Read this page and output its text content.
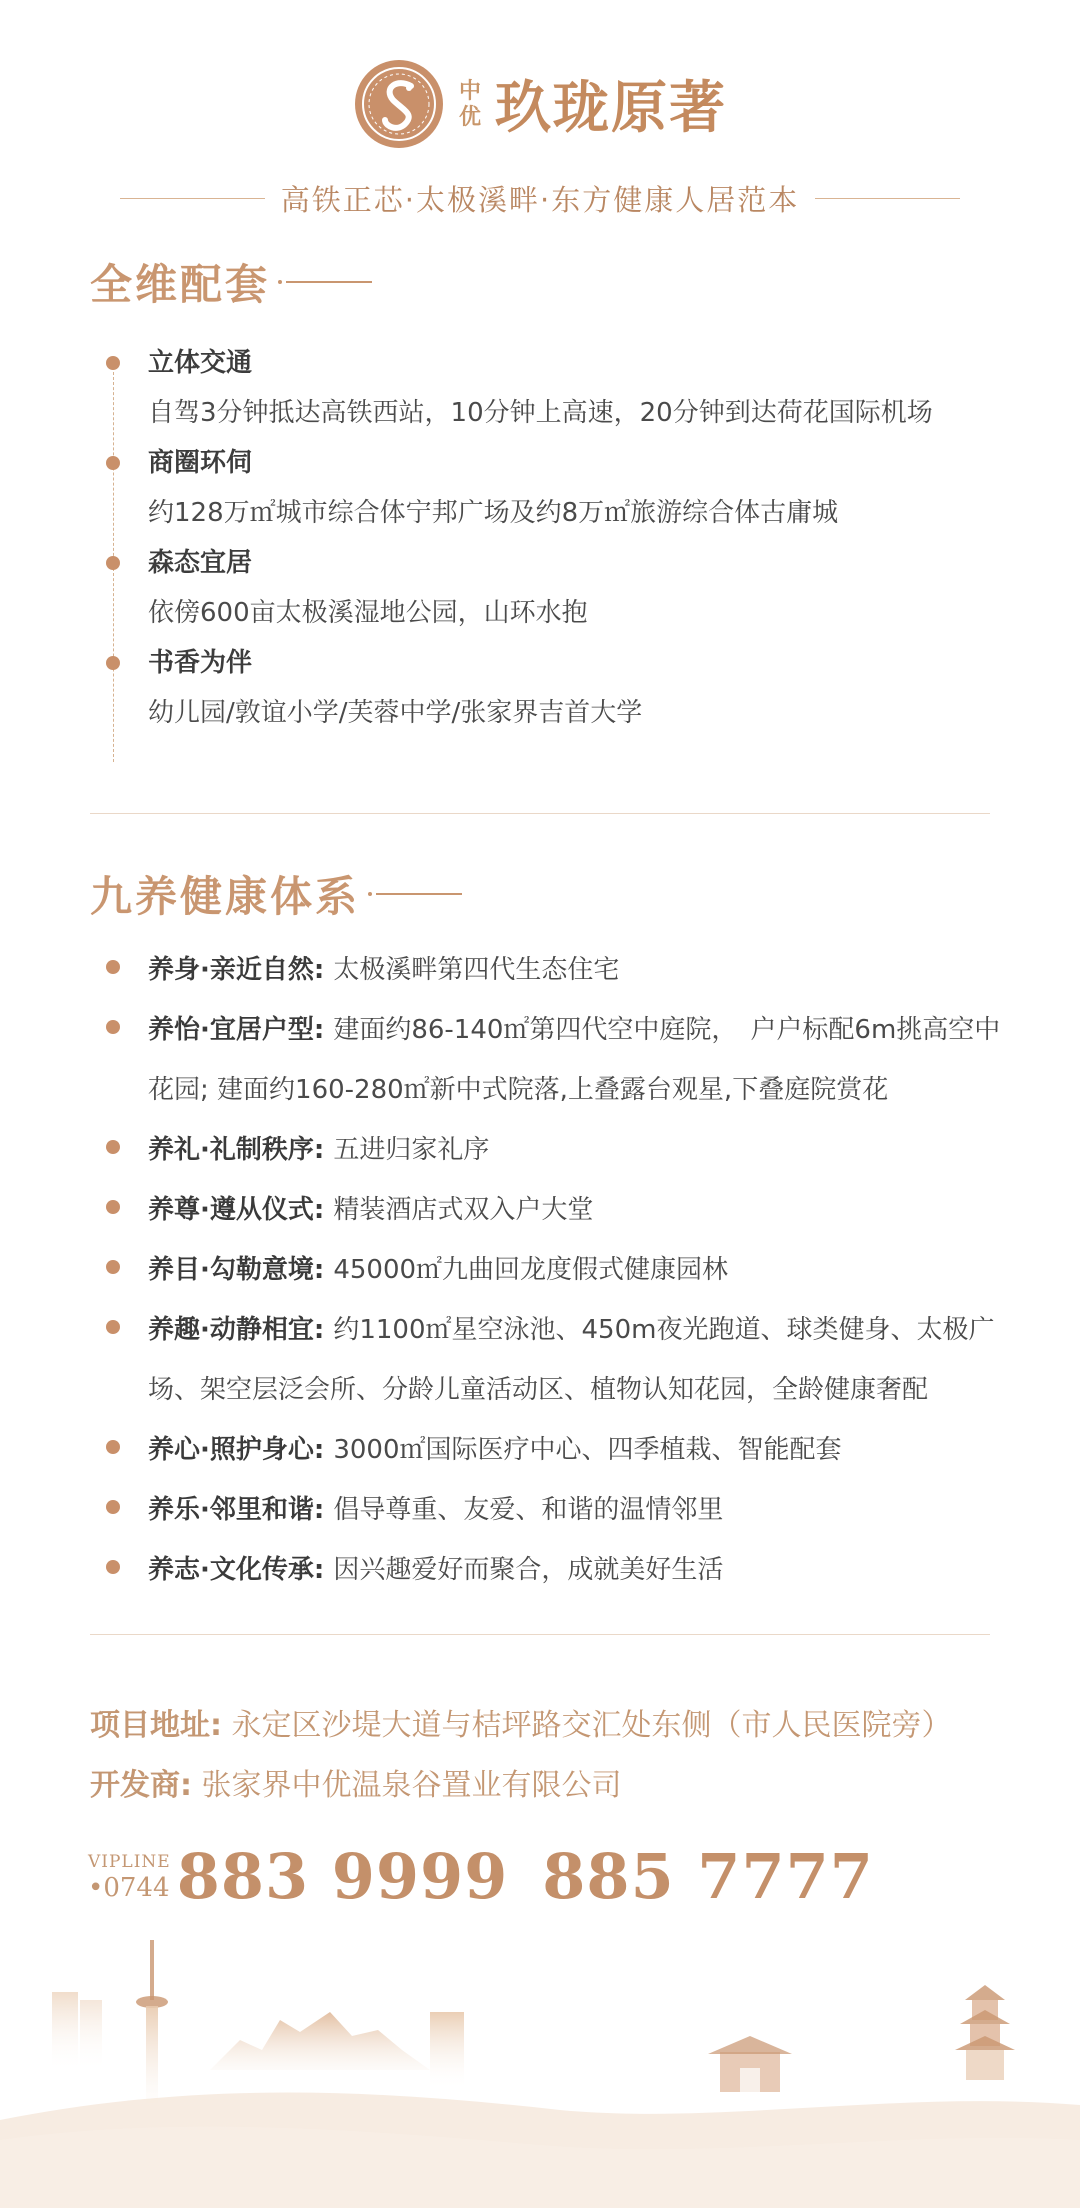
中
优 玖珑原著
高铁正芯·太极溪畔·东方健康人居范本
全维配套
立体交通
自驾3分钟抵达高铁西站，10分钟上高速，20分钟到达荷花国际机场
商圈环伺
约128万㎡城市综合体宁邦广场及约8万㎡旅游综合体古庸城
森态宜居
依傍600亩太极溪湿地公园，山环水抱
书香为伴
幼儿园/敦谊小学/芙蓉中学/张家界吉首大学
九养健康体系
养身·亲近自然: 太极溪畔第四代生态住宅
养怡·宜居户型: 建面约86-140㎡第四代空中庭院，　户户标配6m挑高空中花园; 建面约160-280㎡新中式院落,上叠露台观星,下叠庭院赏花
养礼·礼制秩序: 五进归家礼序
养尊·遵从仪式: 精装酒店式双入户大堂
养目·勾勒意境: 45000㎡九曲回龙度假式健康园林
养趣·动静相宜: 约1100㎡星空泳池、450m夜光跑道、球类健身、太极广场、架空层泛会所、分龄儿童活动区、植物认知花园，全龄健康奢配
养心·照护身心: 3000㎡国际医疗中心、四季植栽、智能配套
养乐·邻里和谐: 倡导尊重、友爱、和谐的温情邻里
养志·文化传承: 因兴趣爱好而聚合，成就美好生活
项目地址: 永定区沙堤大道与桔坪路交汇处东侧（市人民医院旁）
开发商: 张家界中优温泉谷置业有限公司
VIPLINE
•0744 883 9999 885 7777
